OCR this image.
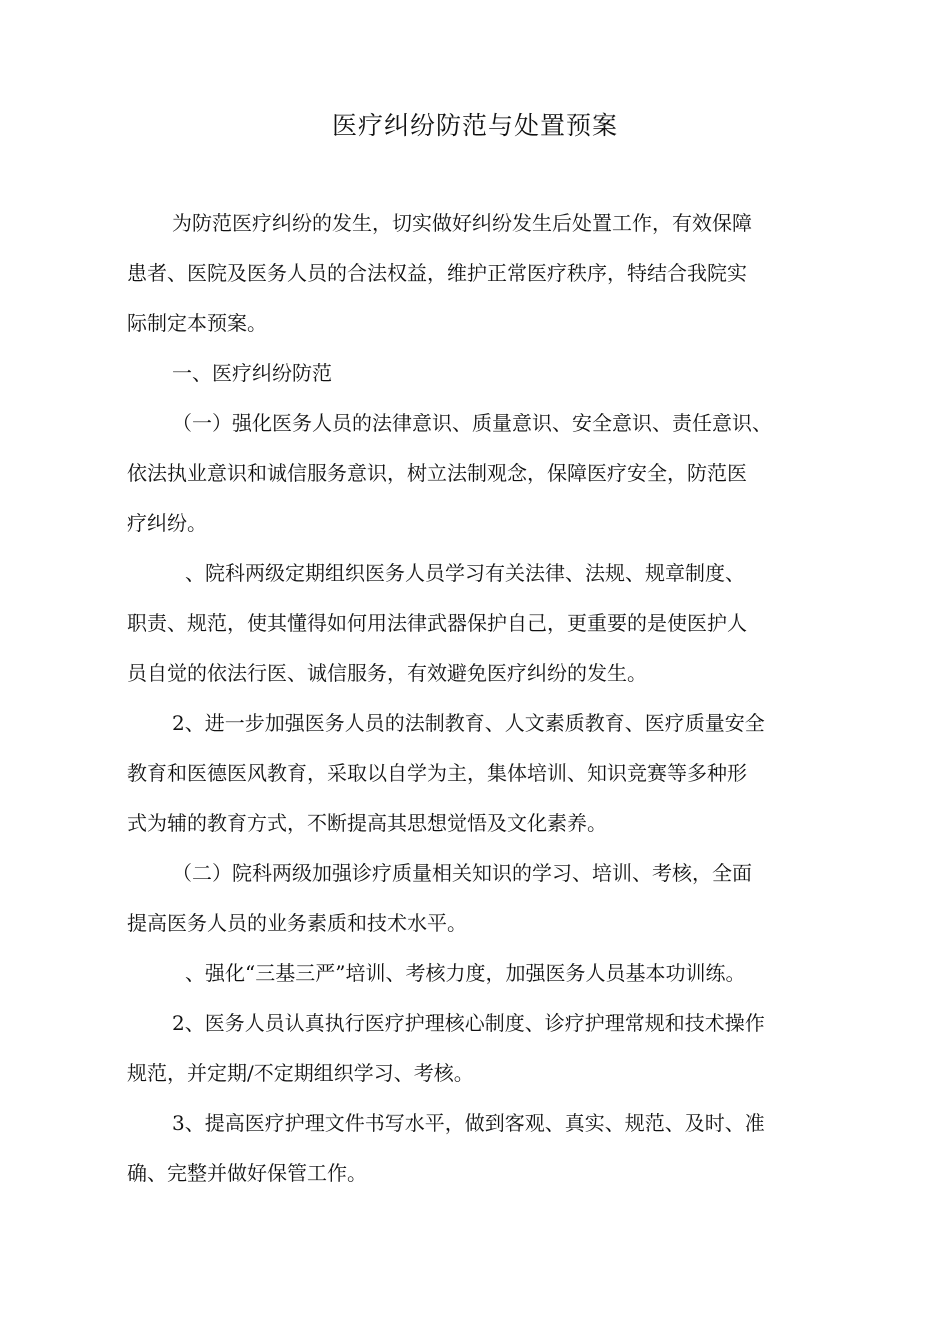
医疗纠纷防范与处置预案
为防范医疗纠纷的发生，切实做好纠纷发生后处置工作，有效保障
患者、医院及医务人员的合法权益，维护正常医疗秩序，特结合我院实
际制定本预案。
一、医疗纠纷防范
（一）强化医务人员的法律意识、质量意识、安全意识、责任意识、
依法执业意识和诚信服务意识，树立法制观念，保障医疗安全，防范医
疗纠纷。
、院科两级定期组织医务人员学习有关法律、法规、规章制度、
职责、规范，使其懂得如何用法律武器保护自己，更重要的是使医护人
员自觉的依法行医、诚信服务，有效避免医疗纠纷的发生。
2、进一步加强医务人员的法制教育、人文素质教育、医疗质量安全
教育和医德医风教育，采取以自学为主，集体培训、知识竞赛等多种形
式为辅的教育方式，不断提高其思想觉悟及文化素养。
（二）院科两级加强诊疗质量相关知识的学习、培训、考核，全面
提高医务人员的业务素质和技术水平。
、强化“三基三严”培训、考核力度，加强医务人员基本功训练。
2、医务人员认真执行医疗护理核心制度、诊疗护理常规和技术操作
规范，并定期/不定期组织学习、考核。
3、提高医疗护理文件书写水平，做到客观、真实、规范、及时、准
确、完整并做好保管工作。
